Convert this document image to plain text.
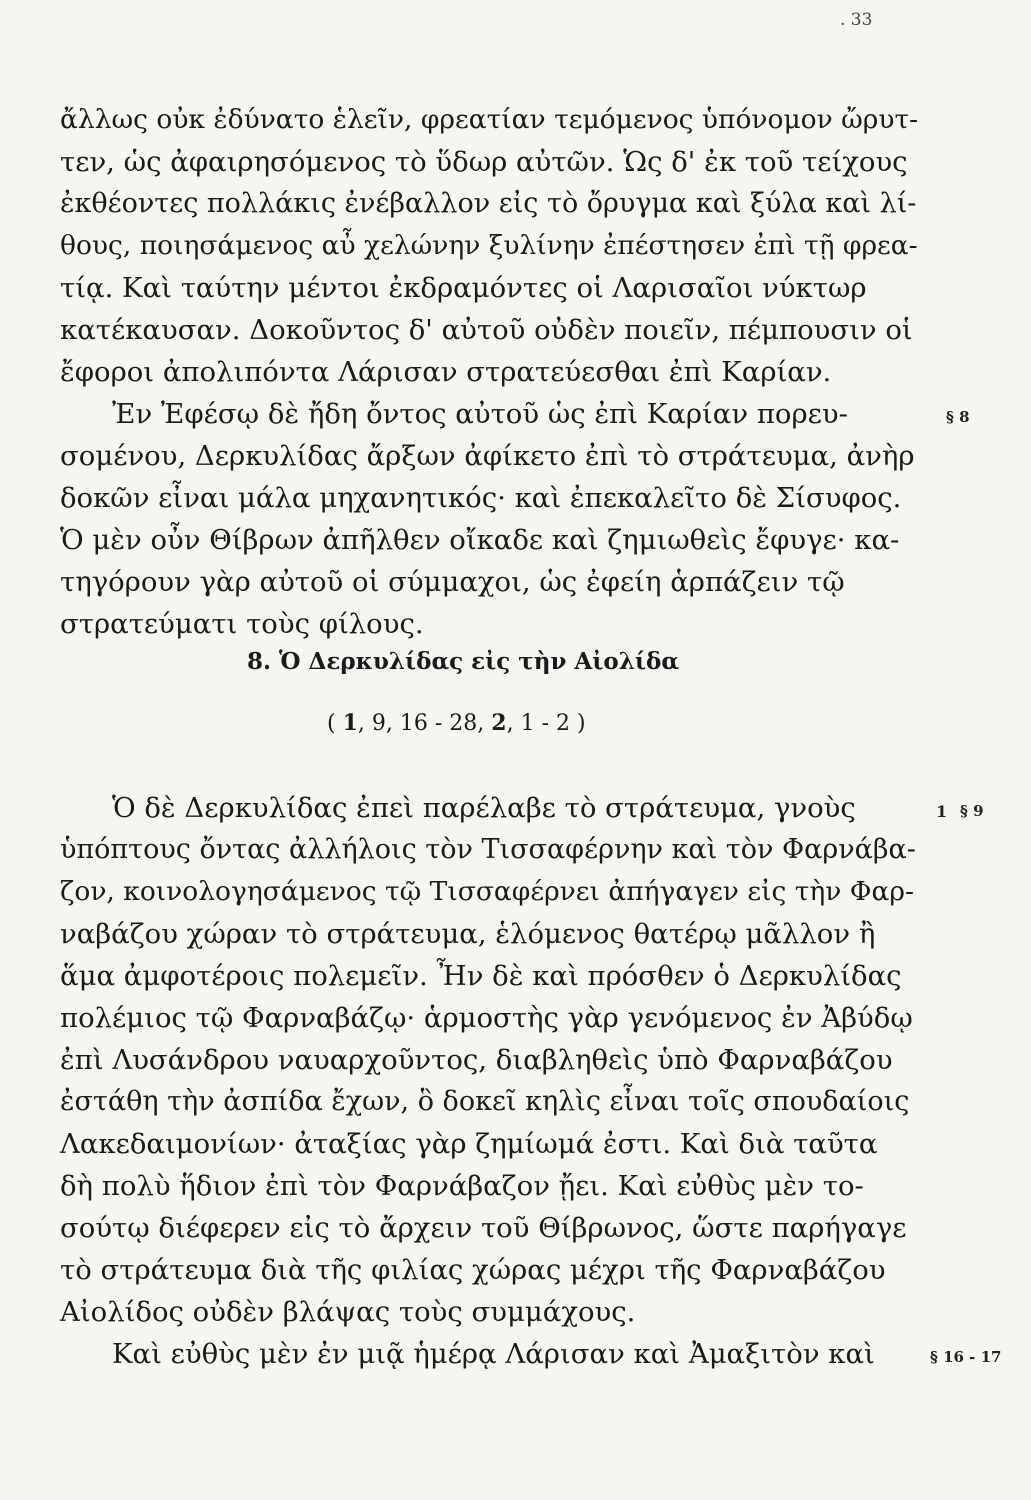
. 33
ἄλλως οὐκ ἐδύνατο ἑλεῖν, φρεατίαν τεμόμενος ὑπόνομον ὤρυτ-
τεν, ὡς ἀφαιρησόμενος τὸ ὕδωρ αὐτῶν. Ὡς δ' ἐκ τοῦ τείχους
ἐκθέοντες πολλάκις ἐνέβαλλον εἰς τὸ ὄρυγμα καὶ ξύλα καὶ λί-
θους, ποιησάμενος αὖ χελώνην ξυλίνην ἐπέστησεν ἐπὶ τῇ φρεα-
τίᾳ. Καὶ ταύτην μέντοι ἐκδραμόντες οἱ Λαρισαῖοι νύκτωρ
κατέκαυσαν. Δοκοῦντος δ' αὐτοῦ οὐδὲν ποιεῖν, πέμπουσιν οἱ
ἔφοροι ἀπολιπόντα Λάρισαν στρατεύεσθαι ἐπὶ Καρίαν.
Ἐν Ἐφέσῳ δὲ ἤδη ὄντος αὐτοῦ ὡς ἐπὶ Καρίαν πορευ-
σομένου, Δερκυλίδας ἄρξων ἀφίκετο ἐπὶ τὸ στράτευμα, ἀνὴρ
δοκῶν εἶναι μάλα μηχανητικός· καὶ ἐπεκαλεῖτο δὲ Σίσυφος.
Ὁ μὲν οὖν Θίβρων ἀπῆλθεν οἴκαδε καὶ ζημιωθεὶς ἔφυγε· κα-
τηγόρουν γὰρ αὐτοῦ οἱ σύμμαχοι, ὡς ἐφείη ἁρπάζειν τῷ
στρατεύματι τοὺς φίλους.
8. Ὁ Δερκυλίδας εἰς τὴν Αἰολίδα
( 1, 9, 16 - 28, 2, 1 - 2 )
Ὁ δὲ Δερκυλίδας ἐπεὶ παρέλαβε τὸ στράτευμα, γνοὺς
ὑπόπτους ὄντας ἀλλήλοις τὸν Τισσαφέρνην καὶ τὸν Φαρνάβα-
ζον, κοινολογησάμενος τῷ Τισσαφέρνει ἀπήγαγεν εἰς τὴν Φαρ-
ναβάζου χώραν τὸ στράτευμα, ἑλόμενος θατέρῳ μᾶλλον ἢ
ἅμα ἀμφοτέροις πολεμεῖν. Ἦν δὲ καὶ πρόσθεν ὁ Δερκυλίδας
πολέμιος τῷ Φαρναβάζῳ· ἁρμοστὴς γὰρ γενόμενος ἐν Ἀβύδῳ
ἐπὶ Λυσάνδρου ναυαρχοῦντος, διαβληθεὶς ὑπὸ Φαρναβάζου
ἐστάθη τὴν ἀσπίδα ἔχων, ὃ δοκεῖ κηλὶς εἶναι τοῖς σπουδαίοις
Λακεδαιμονίων· ἀταξίας γὰρ ζημίωμά ἐστι. Καὶ διὰ ταῦτα
δὴ πολὺ ἥδιον ἐπὶ τὸν Φαρνάβαζον ᾔει. Καὶ εὐθὺς μὲν το-
σούτῳ διέφερεν εἰς τὸ ἄρχειν τοῦ Θίβρωνος, ὥστε παρήγαγε
τὸ στράτευμα διὰ τῆς φιλίας χώρας μέχρι τῆς Φαρναβάζου
Αἰολίδος οὐδὲν βλάψας τοὺς συμμάχους.
Καὶ εὐθὺς μὲν ἐν μιᾷ ἡμέρᾳ Λάρισαν καὶ Ἀμαξιτὸν καὶ
§ 8
1 § 9
§ 16 - 17
